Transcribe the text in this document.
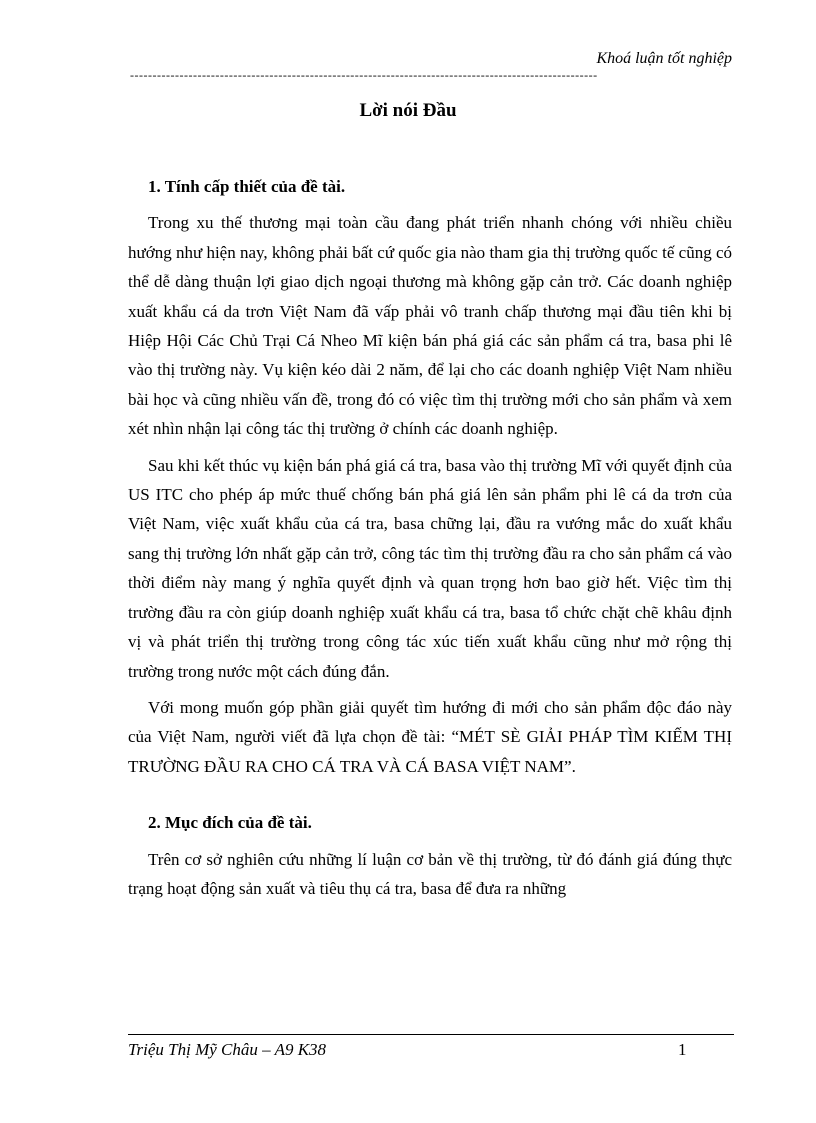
Khoá luận tốt nghiệp
--------------------------------------------------------------------------------------------------------
Lời nói Đầu
1. Tính cấp thiết của đề tài.

Trong xu thế thương mại toàn cầu đang phát triển nhanh chóng với nhiều chiều hướng như hiện nay, không phải bất cứ quốc gia nào tham gia thị trường quốc tế cũng có thể dễ dàng thuận lợi giao dịch ngoại thương mà không gặp cản trở. Các doanh nghiệp xuất khẩu cá da trơn Việt Nam đã vấp phải vô tranh chấp thương mại đầu tiên khi bị Hiệp Hội Các Chủ Trại Cá Nheo Mĩ kiện bán phá giá các sản phẩm cá tra, basa phi lê vào thị trường này. Vụ kiện kéo dài 2 năm, để lại cho các doanh nghiệp Việt Nam nhiều bài học và cũng nhiều vấn đề, trong đó có việc tìm thị trường mới cho sản phẩm và xem xét nhìn nhận lại công tác thị trường ở chính các doanh nghiệp.

Sau khi kết thúc vụ kiện bán phá giá cá tra, basa vào thị trường Mĩ với quyết định của US ITC cho phép áp mức thuế chống bán phá giá lên sản phẩm phi lê cá da trơn của Việt Nam, việc xuất khẩu của cá tra, basa chững lại, đầu ra vướng mắc do xuất khẩu sang thị trường lớn nhất gặp cản trở, công tác tìm thị trường đầu ra cho sản phẩm cá vào thời điểm này mang ý nghĩa quyết định và quan trọng hơn bao giờ hết. Việc tìm thị trường đầu ra còn giúp doanh nghiệp xuất khẩu cá tra, basa tổ chức chặt chẽ khâu định vị và phát triển thị trường trong công tác xúc tiến xuất khẩu cũng như mở rộng thị trường trong nước một cách đúng đắn.

Với mong muốn góp phần giải quyết tìm hướng đi mới cho sản phẩm độc đáo này của Việt Nam, người viết đã lựa chọn đề tài: “MÉT SÈ GIẢI PHÁP TÌM KIẾM THỊ TRƯỜNG ĐẦU RA CHO CÁ TRA VÀ CÁ BASA VIỆT NAM”.

2. Mục đích của đề tài.

Trên cơ sở nghiên cứu những lí luận cơ bản về thị trường, từ đó đánh giá đúng thực trạng hoạt động sản xuất và tiêu thụ cá tra, basa để đưa ra những

Triệu Thị Mỹ Châu – A9 K38	1
